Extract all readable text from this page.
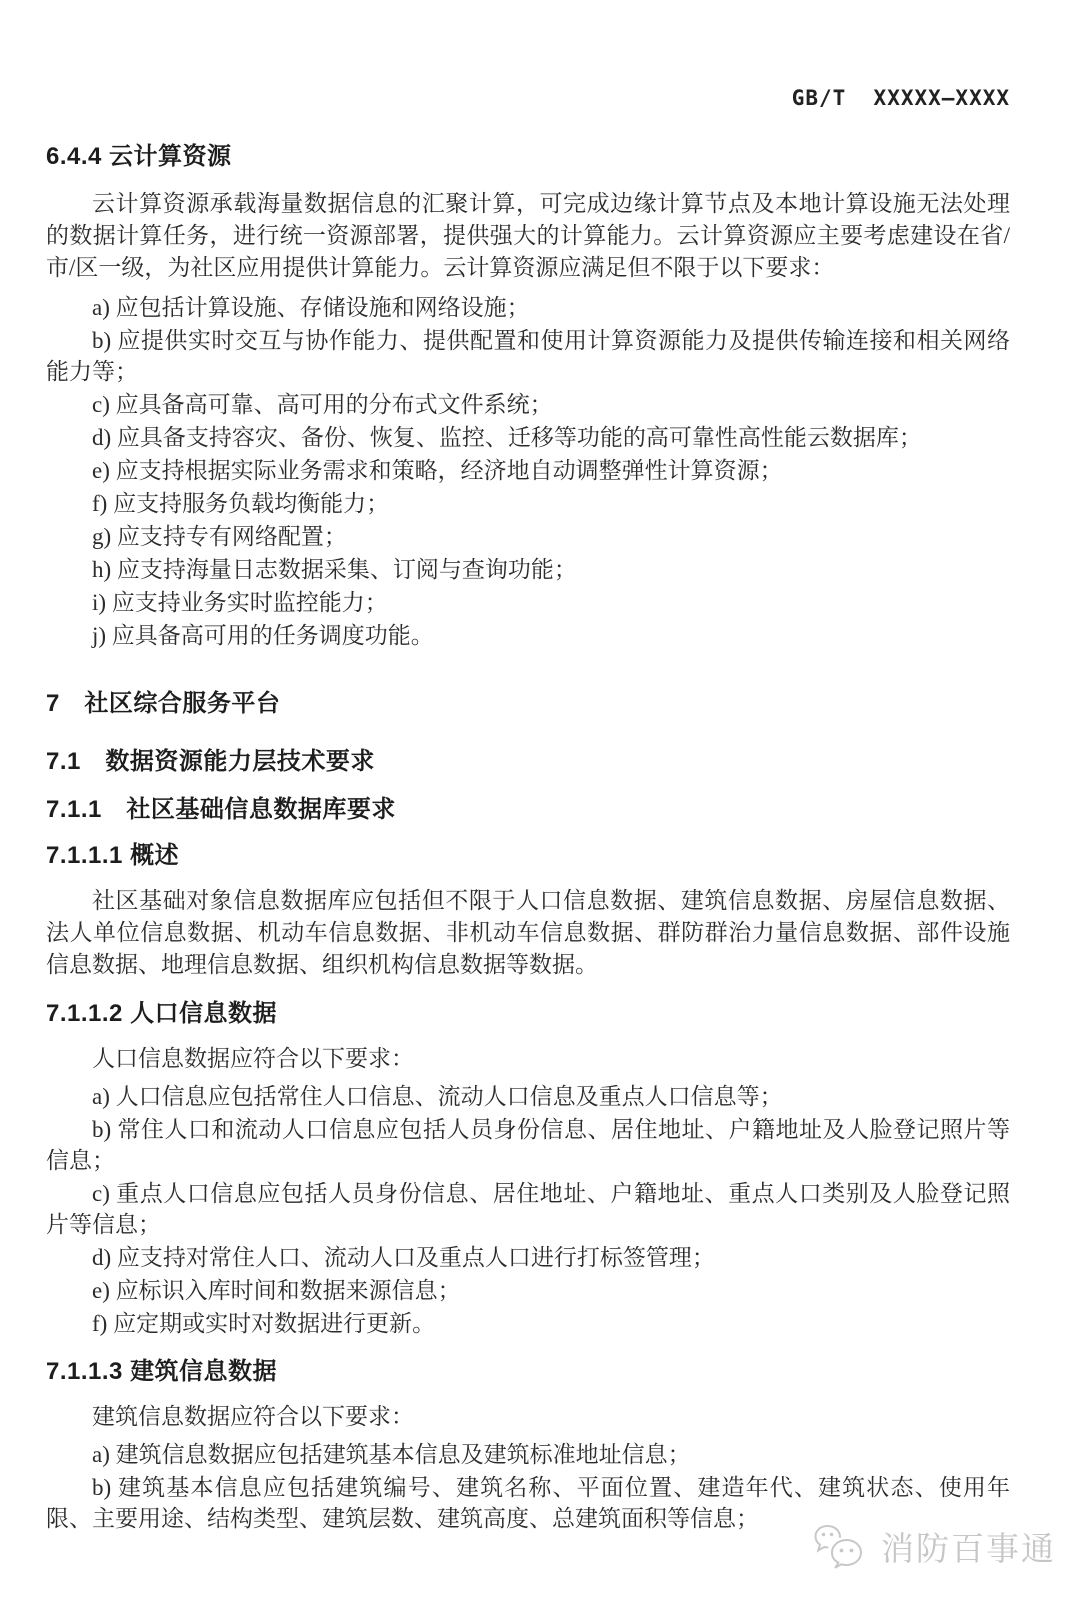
GB/T  XXXXX—XXXX
6.4.4 云计算资源

云计算资源承载海量数据信息的汇聚计算，可完成边缘计算节点及本地计算设施无法处理的数据计算任务，进行统一资源部署，提供强大的计算能力。云计算资源应主要考虑建设在省/市/区一级，为社区应用提供计算能力。云计算资源应满足但不限于以下要求：

a) 应包括计算设施、存储设施和网络设施；

b) 应提供实时交互与协作能力、提供配置和使用计算资源能力及提供传输连接和相关网络能力等；

c) 应具备高可靠、高可用的分布式文件系统；

d) 应具备支持容灾、备份、恢复、监控、迁移等功能的高可靠性高性能云数据库；

e) 应支持根据实际业务需求和策略，经济地自动调整弹性计算资源；

f) 应支持服务负载均衡能力；

g) 应支持专有网络配置；

h) 应支持海量日志数据采集、订阅与查询功能；

i) 应支持业务实时监控能力；

j) 应具备高可用的任务调度功能。

7　社区综合服务平台
7.1　数据资源能力层技术要求
7.1.1　社区基础信息数据库要求
7.1.1.1 概述

社区基础对象信息数据库应包括但不限于人口信息数据、建筑信息数据、房屋信息数据、法人单位信息数据、机动车信息数据、非机动车信息数据、群防群治力量信息数据、部件设施信息数据、地理信息数据、组织机构信息数据等数据。

7.1.1.2 人口信息数据

人口信息数据应符合以下要求：

a) 人口信息应包括常住人口信息、流动人口信息及重点人口信息等；

b) 常住人口和流动人口信息应包括人员身份信息、居住地址、户籍地址及人脸登记照片等信息；

c) 重点人口信息应包括人员身份信息、居住地址、户籍地址、重点人口类别及人脸登记照片等信息；

d) 应支持对常住人口、流动人口及重点人口进行打标签管理；

e) 应标识入库时间和数据来源信息；

f) 应定期或实时对数据进行更新。

7.1.1.3 建筑信息数据

建筑信息数据应符合以下要求：

a) 建筑信息数据应包括建筑基本信息及建筑标准地址信息；

b) 建筑基本信息应包括建筑编号、建筑名称、平面位置、建造年代、建筑状态、使用年限、主要用途、结构类型、建筑层数、建筑高度、总建筑面积等信息；

消防百事通
